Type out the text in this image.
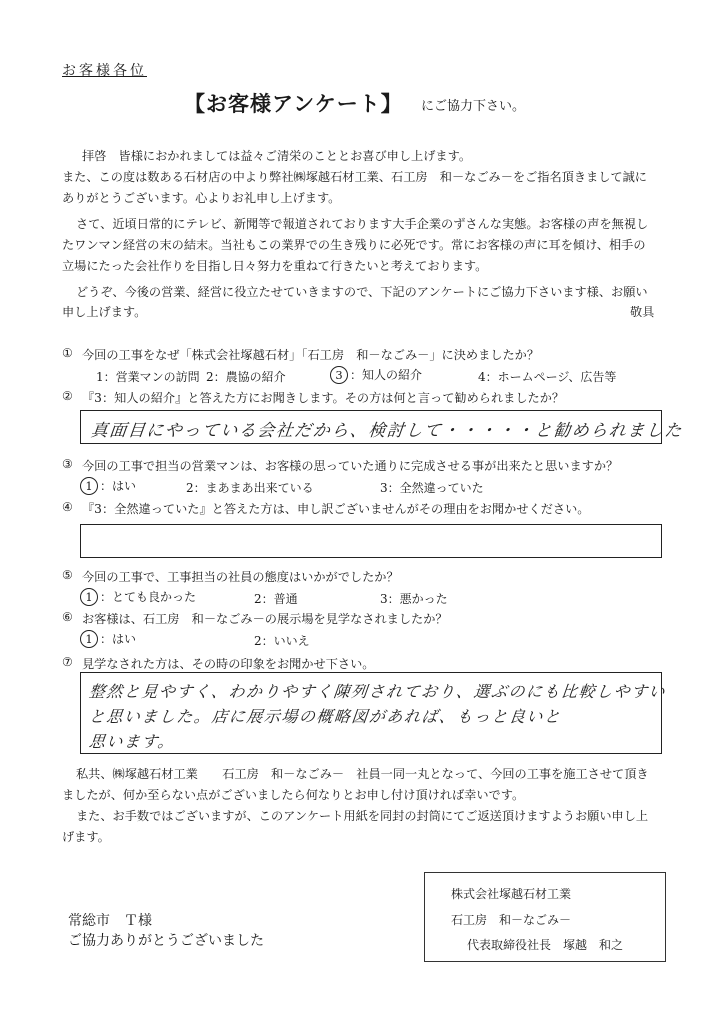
お客様各位
【お客様アンケート】 にご協力下さい。
拝啓　皆様におかれましては益々ご清栄のこととお喜び申し上げます。
また、この度は数ある石材店の中より弊社㈱塚越石材工業、石工房　和－なごみ－をご指名頂きまして誠に
ありがとうございます。心よりお礼申し上げます。
さて、近頃日常的にテレビ、新聞等で報道されております大手企業のずさんな実態。お客様の声を無視し
たワンマン経営の末の結末。当社もこの業界での生き残りに必死です。常にお客様の声に耳を傾け、相手の
立場にたった会社作りを目指し日々努力を重ねて行きたいと考えております。
どうぞ、今後の営業、経営に役立たせていきますので、下記のアンケートにご協力下さいます様、お願い
申し上げます。	敬具
① 今回の工事をなぜ「株式会社塚越石材」「石工房　和－なごみ－」に決めましたか？
1：営業マンの訪問 2：農協の紹介	3 ：知人の紹介	4：ホームページ、広告等
② 『3：知人の紹介』と答えた方にお聞きします。その方は何と言って勧められましたか？
真面目にやっている会社だから、検討して・・・・・と勧められました
③ 今回の工事で担当の営業マンは、お客様の思っていた通りに完成させる事が出来たと思いますか？
1 ：はい	2：まあまあ出来ている	3：全然違っていた
④ 『3：全然違っていた』と答えた方は、申し訳ございませんがその理由をお聞かせください。
⑤ 今回の工事で、工事担当の社員の態度はいかがでしたか？
1 ：とても良かった	2：普通	3：悪かった
⑥ お客様は、石工房　和－なごみ－の展示場を見学なされましたか？
1 ：はい	2：いいえ
⑦ 見学なされた方は、その時の印象をお聞かせ下さい。
整然と見やすく、わかりやすく陳列されており、選ぶのにも比較しやすい
と思いました。店に展示場の概略図があれば、もっと良いと
思います。
私共、㈱塚越石材工業　　石工房　和－なごみ－　社員一同一丸となって、今回の工事を施工させて頂き
ましたが、何か至らない点がございましたら何なりとお申し付け頂ければ幸いです。
また、お手数ではございますが、このアンケート用紙を同封の封筒にてご返送頂けますようお願い申し上
げます。
常総市　Ｔ様
ご協力ありがとうございました
株式会社塚越石材工業
石工房　和－なごみ－
代表取締役社長　塚越　和之
